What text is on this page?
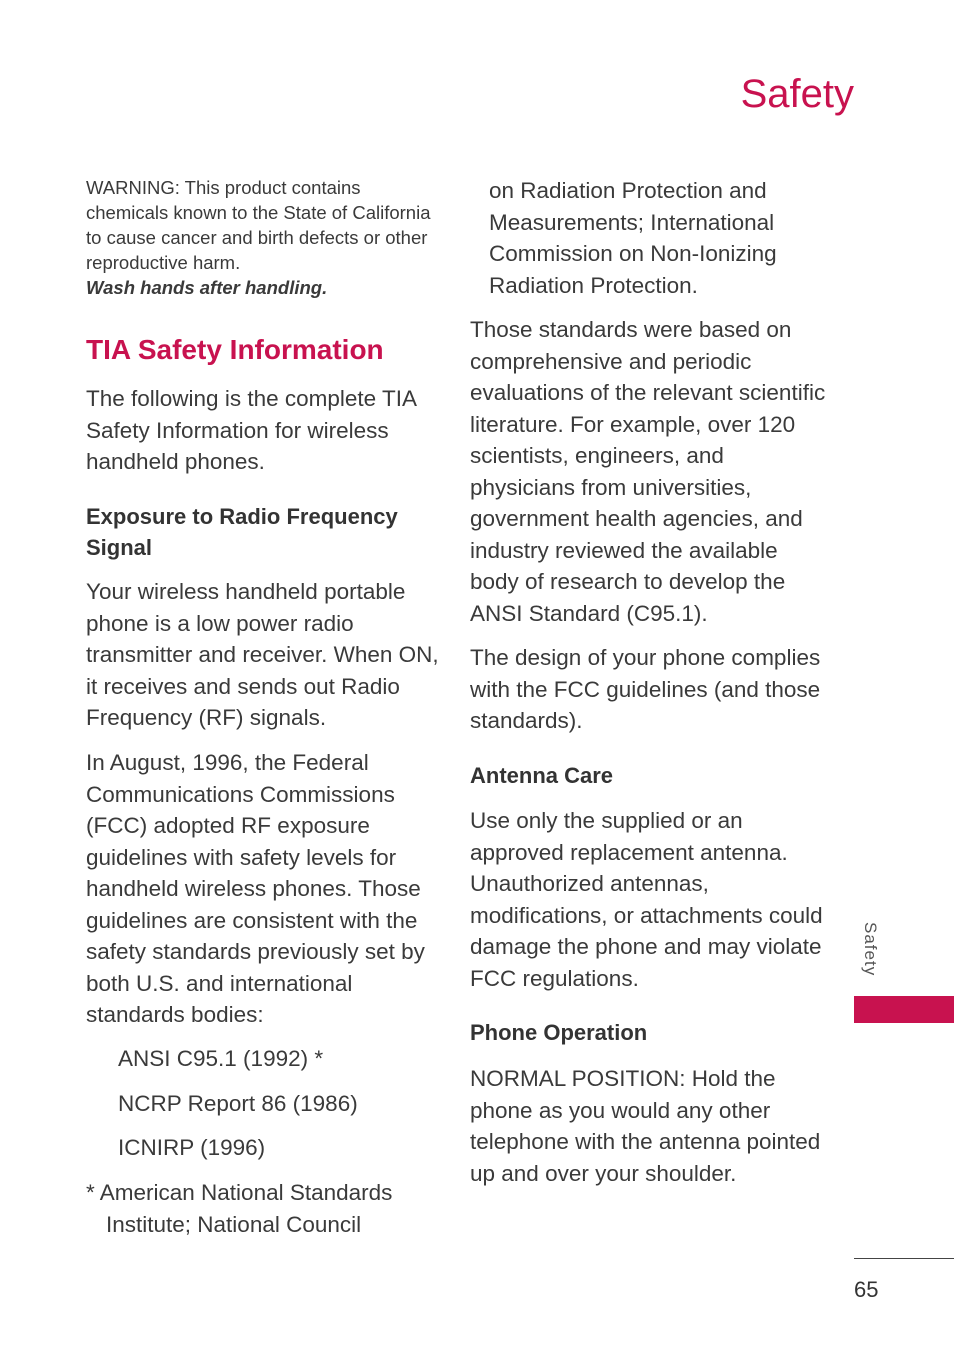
Safety

WARNING: This product contains chemicals known to the State of California to cause cancer and birth defects or other reproductive harm.
Wash hands after handling.

TIA Safety Information

The following is the complete TIA Safety Information for wireless handheld phones.

Exposure to Radio Frequency Signal

Your wireless handheld portable phone is a low power radio transmitter and receiver. When ON, it receives and sends out Radio Frequency (RF) signals.

In August, 1996, the Federal Communications Commissions (FCC) adopted RF exposure guidelines with safety levels for handheld wireless phones. Those guidelines are consistent with the safety standards previously set by both U.S. and international standards bodies:

ANSI C95.1 (1992) *
NCRP Report 86 (1986)
ICNIRP (1996)

* American National Standards Institute; National Council

on Radiation Protection and Measurements; International Commission on Non-Ionizing Radiation Protection.

Those standards were based on comprehensive and periodic evaluations of the relevant scientific literature. For example, over 120 scientists, engineers, and physicians from universities, government health agencies, and industry reviewed the available body of research to develop the ANSI Standard (C95.1).

The design of your phone complies with the FCC guidelines (and those standards).

Antenna Care

Use only the supplied or an approved replacement antenna. Unauthorized antennas, modifications, or attachments could damage the phone and may violate FCC regulations.

Phone Operation

NORMAL POSITION: Hold the phone as you would any other telephone with the antenna pointed up and over your shoulder.

Safety
65
